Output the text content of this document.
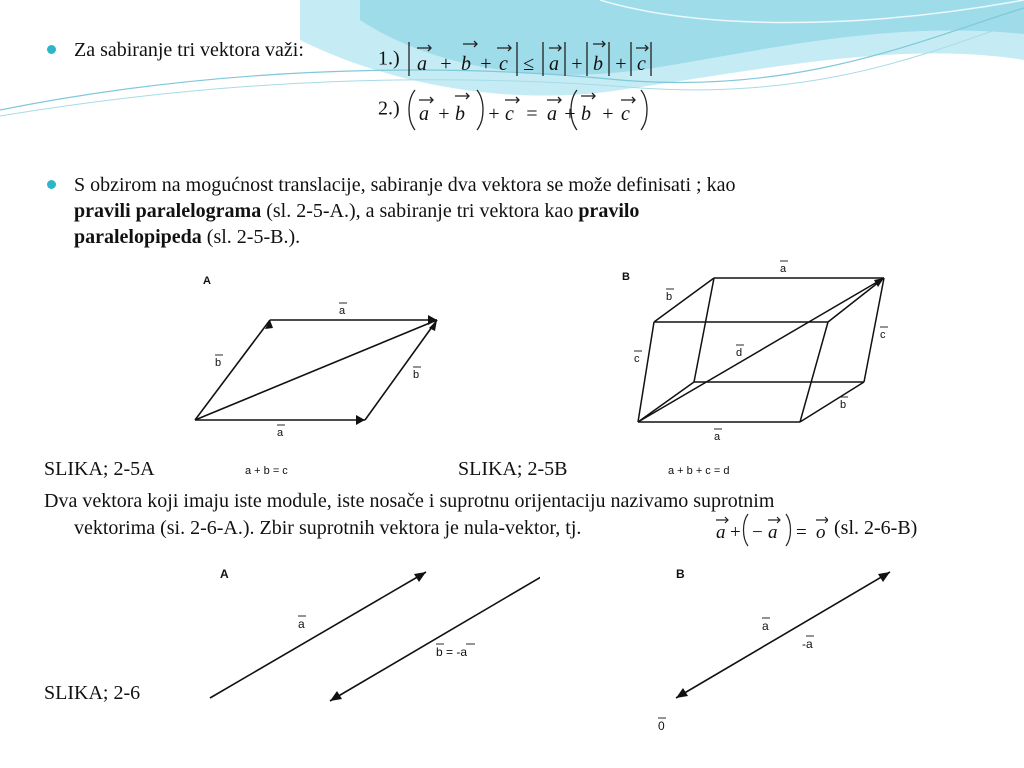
Za sabiranje tri vektora važi:	1.) a + b + c ≤ a + b + c
2.) a + b + c = a + b + c
S obzirom na mogućnost translacije, sabiranje dva vektora se može definisati ; kao
pravili paralelograma (sl. 2-5-A.), a sabiranje tri vektora kao pravilo
paralelopipeda (sl. 2-5-B.).
A
a
b
b
a
a + b = c
B
a
b
c
c
d
b
a
a + b + c = d
SLIKA; 2-5A	SLIKA; 2-5B
Dva vektora koji imaju iste module, iste nosače i suprotnu orijentaciju nazivamo suprotnim
vektorima (si. 2-6-A.). Zbir suprotnih vektora je nula-vektor, tj.	a + − a = o (sl. 2-6-B)
A
a
b = -a
B
a
-a
0
SLIKA; 2-6
